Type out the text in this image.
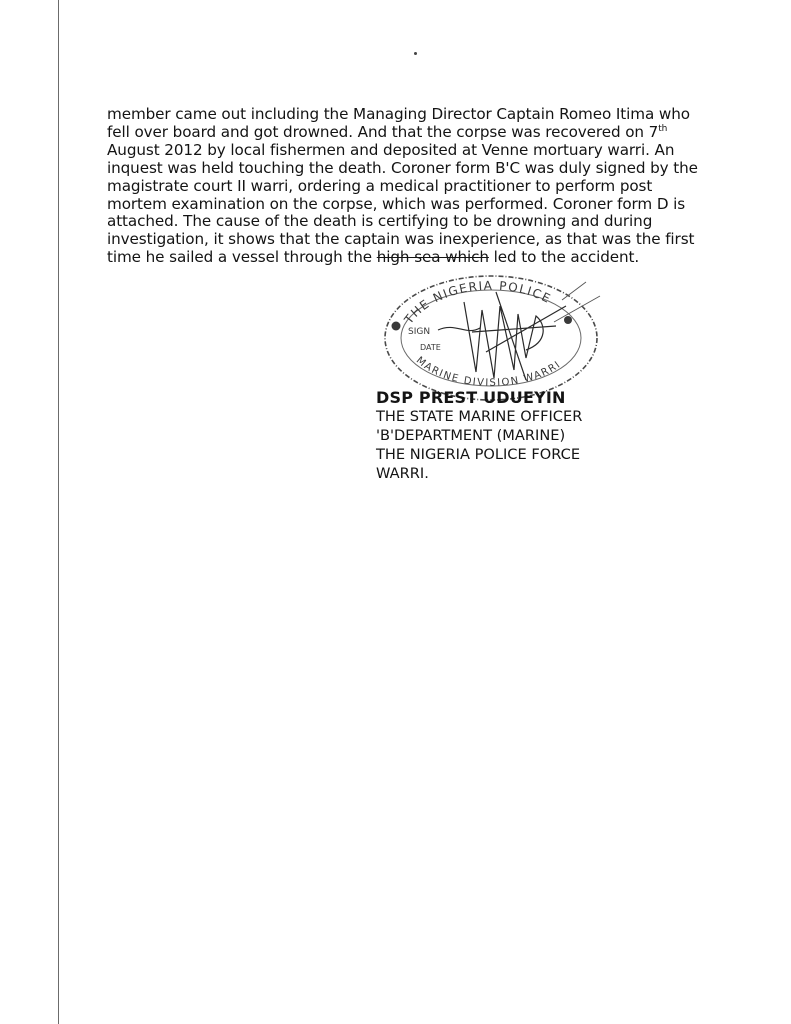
member came out including the Managing Director Captain Romeo Itima who fell over board and got drowned. And that the corpse was recovered on 7th August 2012 by local fishermen and deposited at Venne mortuary warri. An inquest was held touching the death. Coroner form B'C was duly signed by the magistrate court II warri, ordering a medical practitioner to perform post mortem examination on the corpse, which was performed. Coroner form D is attached. The cause of the death is certifying to be drowning and during investigation, it shows that the captain was inexperience, as that was the first time he sailed a vessel through the high sea which led to the accident.

THE NIGERIA POLICE
MARINE DIVISION WARRI
SIGN
DATE
DSP PREST UDUEYIN
THE STATE MARINE OFFICER
'B'DEPARTMENT (MARINE)
THE NIGERIA POLICE FORCE
WARRI.
